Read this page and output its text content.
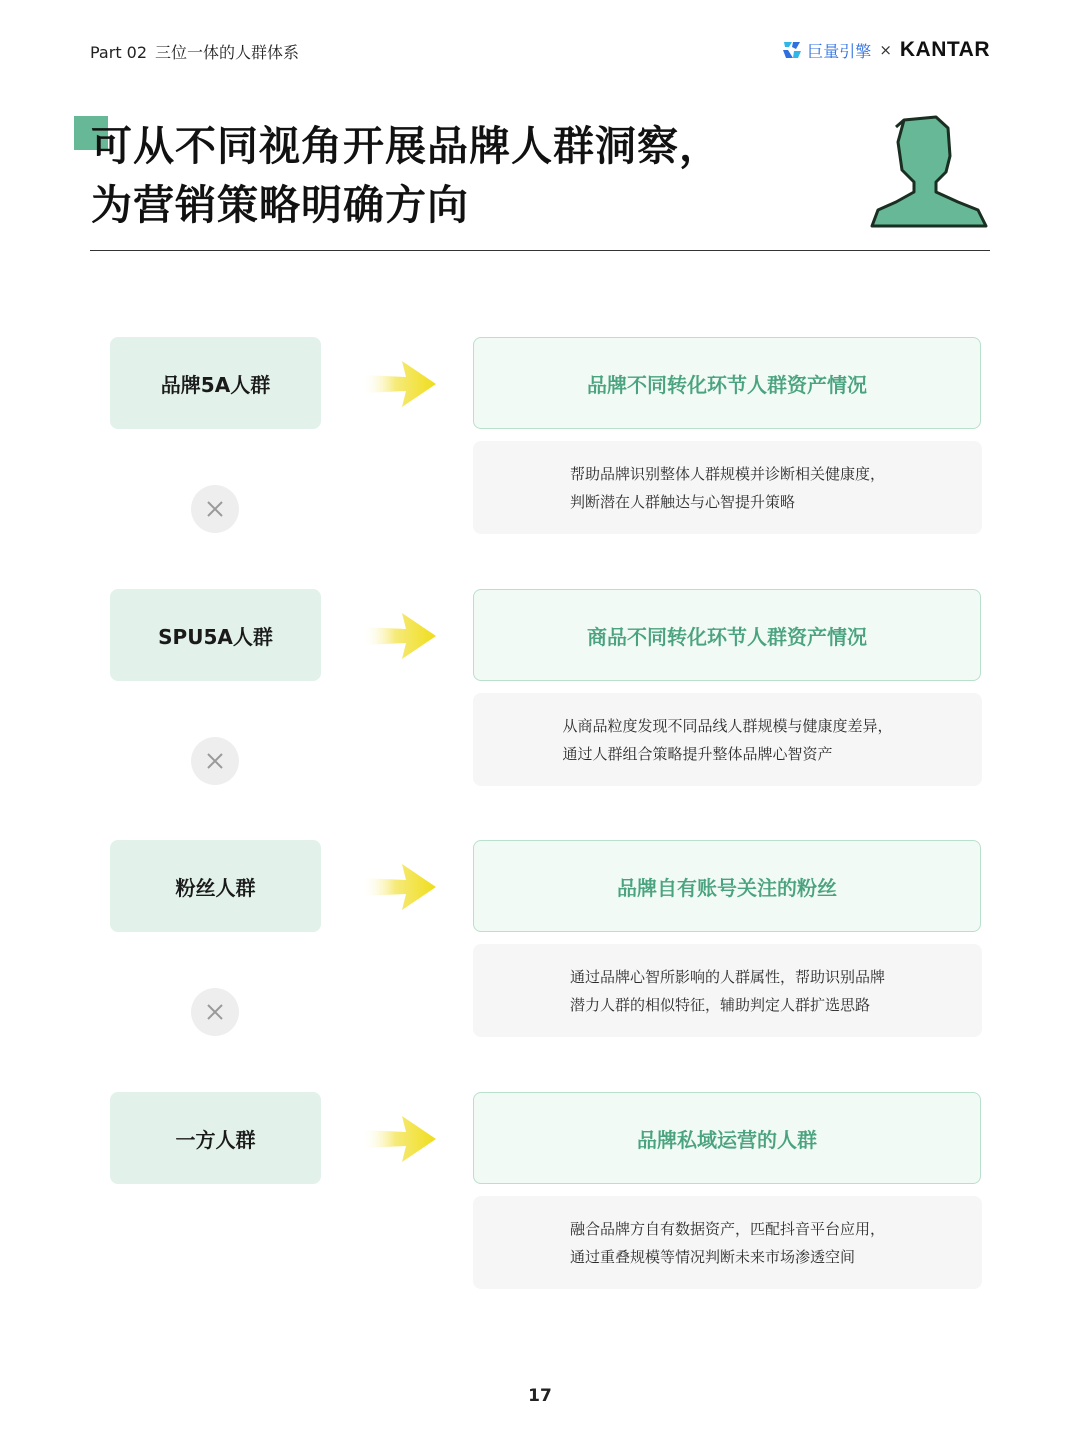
Part 02 三位一体的人群体系	巨量引擎 × KANTAR
可从不同视角开展品牌人群洞察，
为营销策略明确方向
品牌5A人群	品牌不同转化环节人群资产情况
帮助品牌识别整体人群规模并诊断相关健康度，
判断潜在人群触达与心智提升策略
SPU5A人群	商品不同转化环节人群资产情况
从商品粒度发现不同品线人群规模与健康度差异，
通过人群组合策略提升整体品牌心智资产
粉丝人群	品牌自有账号关注的粉丝
通过品牌心智所影响的人群属性，帮助识别品牌
潜力人群的相似特征，辅助判定人群扩选思路
一方人群	品牌私域运营的人群
融合品牌方自有数据资产，匹配抖音平台应用，
通过重叠规模等情况判断未来市场渗透空间
17
